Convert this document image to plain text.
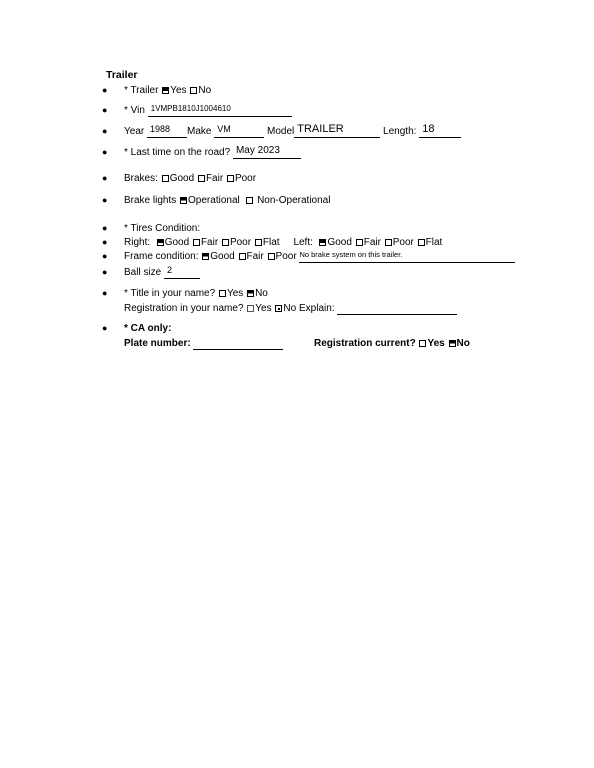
Trailer
● * Trailer Yes No
● * Vin 1VMPB1810J1004610
● Year 1988 Make VM	Model TRAILER	Length: 18
● * Last time on the road? May 2023
● Brakes: Good Fair Poor
● Brake lights Operational Non-Operational
● * Tires Condition:
● Right: Good Fair Poor Flat Left: Good Fair Poor Flat
● Frame condition: Good Fair Poor No brake system on this trailer.
● Ball size 2
● * Title in your name? Yes No
Registration in your name? Yes No Explain:
● * CA only:
Plate number:	Registration current? Yes No
